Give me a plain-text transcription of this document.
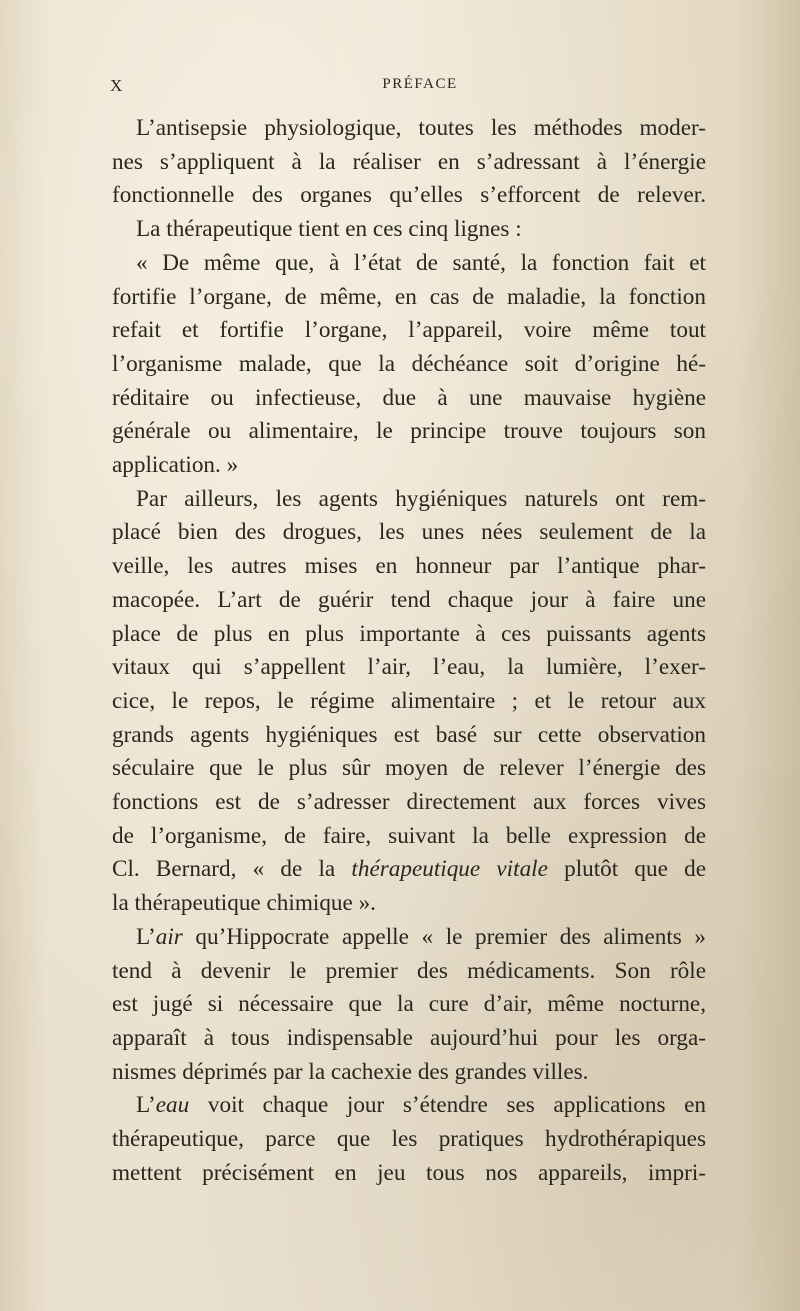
X	PRÉFACE
L’antisepsie physiologique, toutes les méthodes moder-
nes s’appliquent à la réaliser en s’adressant à l’énergie
fonctionnelle des organes qu’elles s’efforcent de relever.
La thérapeutique tient en ces cinq lignes :
« De même que, à l’état de santé, la fonction fait et
fortifie l’organe, de même, en cas de maladie, la fonction
refait et fortifie l’organe, l’appareil, voire même tout
l’organisme malade, que la déchéance soit d’origine hé-
réditaire ou infectieuse, due à une mauvaise hygiène
générale ou alimentaire, le principe trouve toujours son
application. »
Par ailleurs, les agents hygiéniques naturels ont rem-
placé bien des drogues, les unes nées seulement de la
veille, les autres mises en honneur par l’antique phar-
macopée. L’art de guérir tend chaque jour à faire une
place de plus en plus importante à ces puissants agents
vitaux qui s’appellent l’air, l’eau, la lumière, l’exer-
cice, le repos, le régime alimentaire ; et le retour aux
grands agents hygiéniques est basé sur cette observation
séculaire que le plus sûr moyen de relever l’énergie des
fonctions est de s’adresser directement aux forces vives
de l’organisme, de faire, suivant la belle expression de
Cl. Bernard, « de la thérapeutique vitale plutôt que de
la thérapeutique chimique ».
L’air qu’Hippocrate appelle « le premier des aliments »
tend à devenir le premier des médicaments. Son rôle
est jugé si nécessaire que la cure d’air, même nocturne,
apparaît à tous indispensable aujourd’hui pour les orga-
nismes déprimés par la cachexie des grandes villes.
L’eau voit chaque jour s’étendre ses applications en
thérapeutique, parce que les pratiques hydrothérapiques
mettent précisément en jeu tous nos appareils, impri-
